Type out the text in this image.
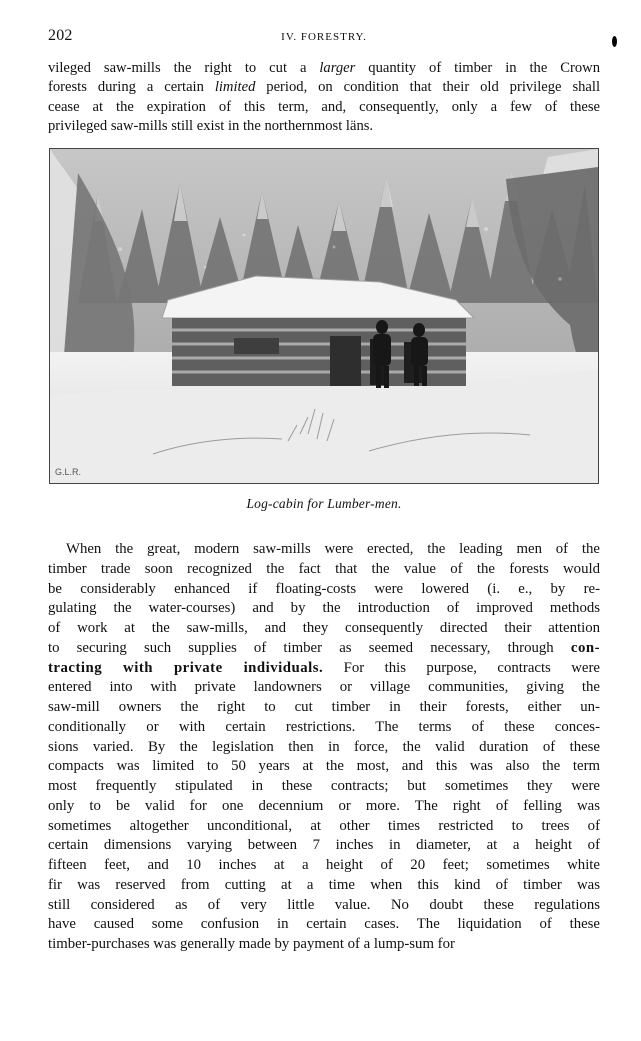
202	IV. FORESTRY.
vileged saw-mills the right to cut a larger quantity of timber in the Crown
forests during a certain limited period, on condition that their old privilege shall
cease at the expiration of this term, and, consequently, only a few of these
privileged saw-mills still exist in the northernmost läns.
G.L.R.
Log-cabin for Lumber-men.
When the great, modern saw-mills were erected, the leading men of the
timber trade soon recognized the fact that the value of the forests would
be considerably enhanced if floating-costs were lowered (i. e., by re-
gulating the water-courses) and by the introduction of improved methods
of work at the saw-mills, and they consequently directed their attention
to securing such supplies of timber as seemed necessary, through con-
tracting with private individuals. For this purpose, contracts were
entered into with private landowners or village communities, giving the
saw-mill owners the right to cut timber in their forests, either un-
conditionally or with certain restrictions. The terms of these conces-
sions varied. By the legislation then in force, the valid duration of these
compacts was limited to 50 years at the most, and this was also the term
most frequently stipulated in these contracts; but sometimes they were
only to be valid for one decennium or more. The right of felling was
sometimes altogether unconditional, at other times restricted to trees of
certain dimensions varying between 7 inches in diameter, at a height of
fifteen feet, and 10 inches at a height of 20 feet; sometimes white
fir was reserved from cutting at a time when this kind of timber was
still considered as of very little value. No doubt these regulations
have caused some confusion in certain cases. The liquidation of these
timber-purchases was generally made by payment of a lump-sum for
